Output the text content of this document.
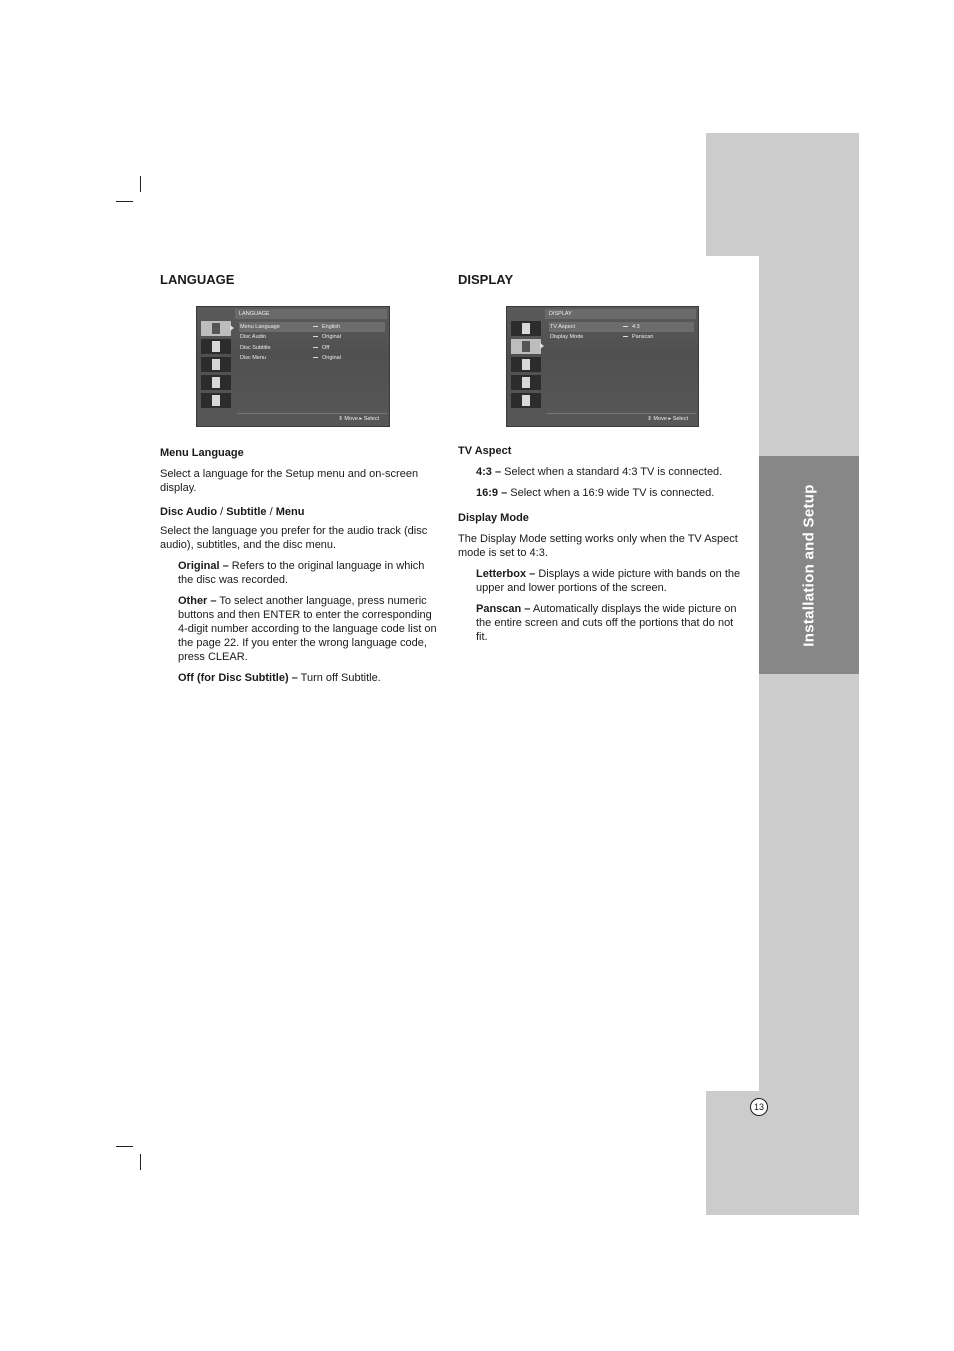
Installation and Setup
13

LANGUAGE

LANGUAGE
Menu Language	English
Disc Audio	Original
Disc Subtitle	Off
Disc Menu	Original
⇕ Move ▸ Select

Menu Language

Select a language for the Setup menu and on-screen display.

Disc Audio / Subtitle / Menu

Select the language you prefer for the audio track (disc audio), subtitles, and the disc menu.

Original – Refers to the original language in which the disc was recorded.

Other – To select another language, press numeric buttons and then ENTER to enter the corresponding 4-digit number according to the language code list on the page 22. If you enter the wrong language code, press CLEAR.

Off (for Disc Subtitle) – Turn off Subtitle.

DISPLAY

DISPLAY
TV Aspect	4:3
Display Mode	Panscan
⇕ Move ▸ Select

TV Aspect

4:3 – Select when a standard 4:3 TV is connected.

16:9 – Select when a 16:9 wide TV is connected.

Display Mode

The Display Mode setting works only when the TV Aspect mode is set to 4:3.

Letterbox – Displays a wide picture with bands on the upper and lower portions of the screen.

Panscan – Automatically displays the wide picture on the entire screen and cuts off the portions that do not fit.
